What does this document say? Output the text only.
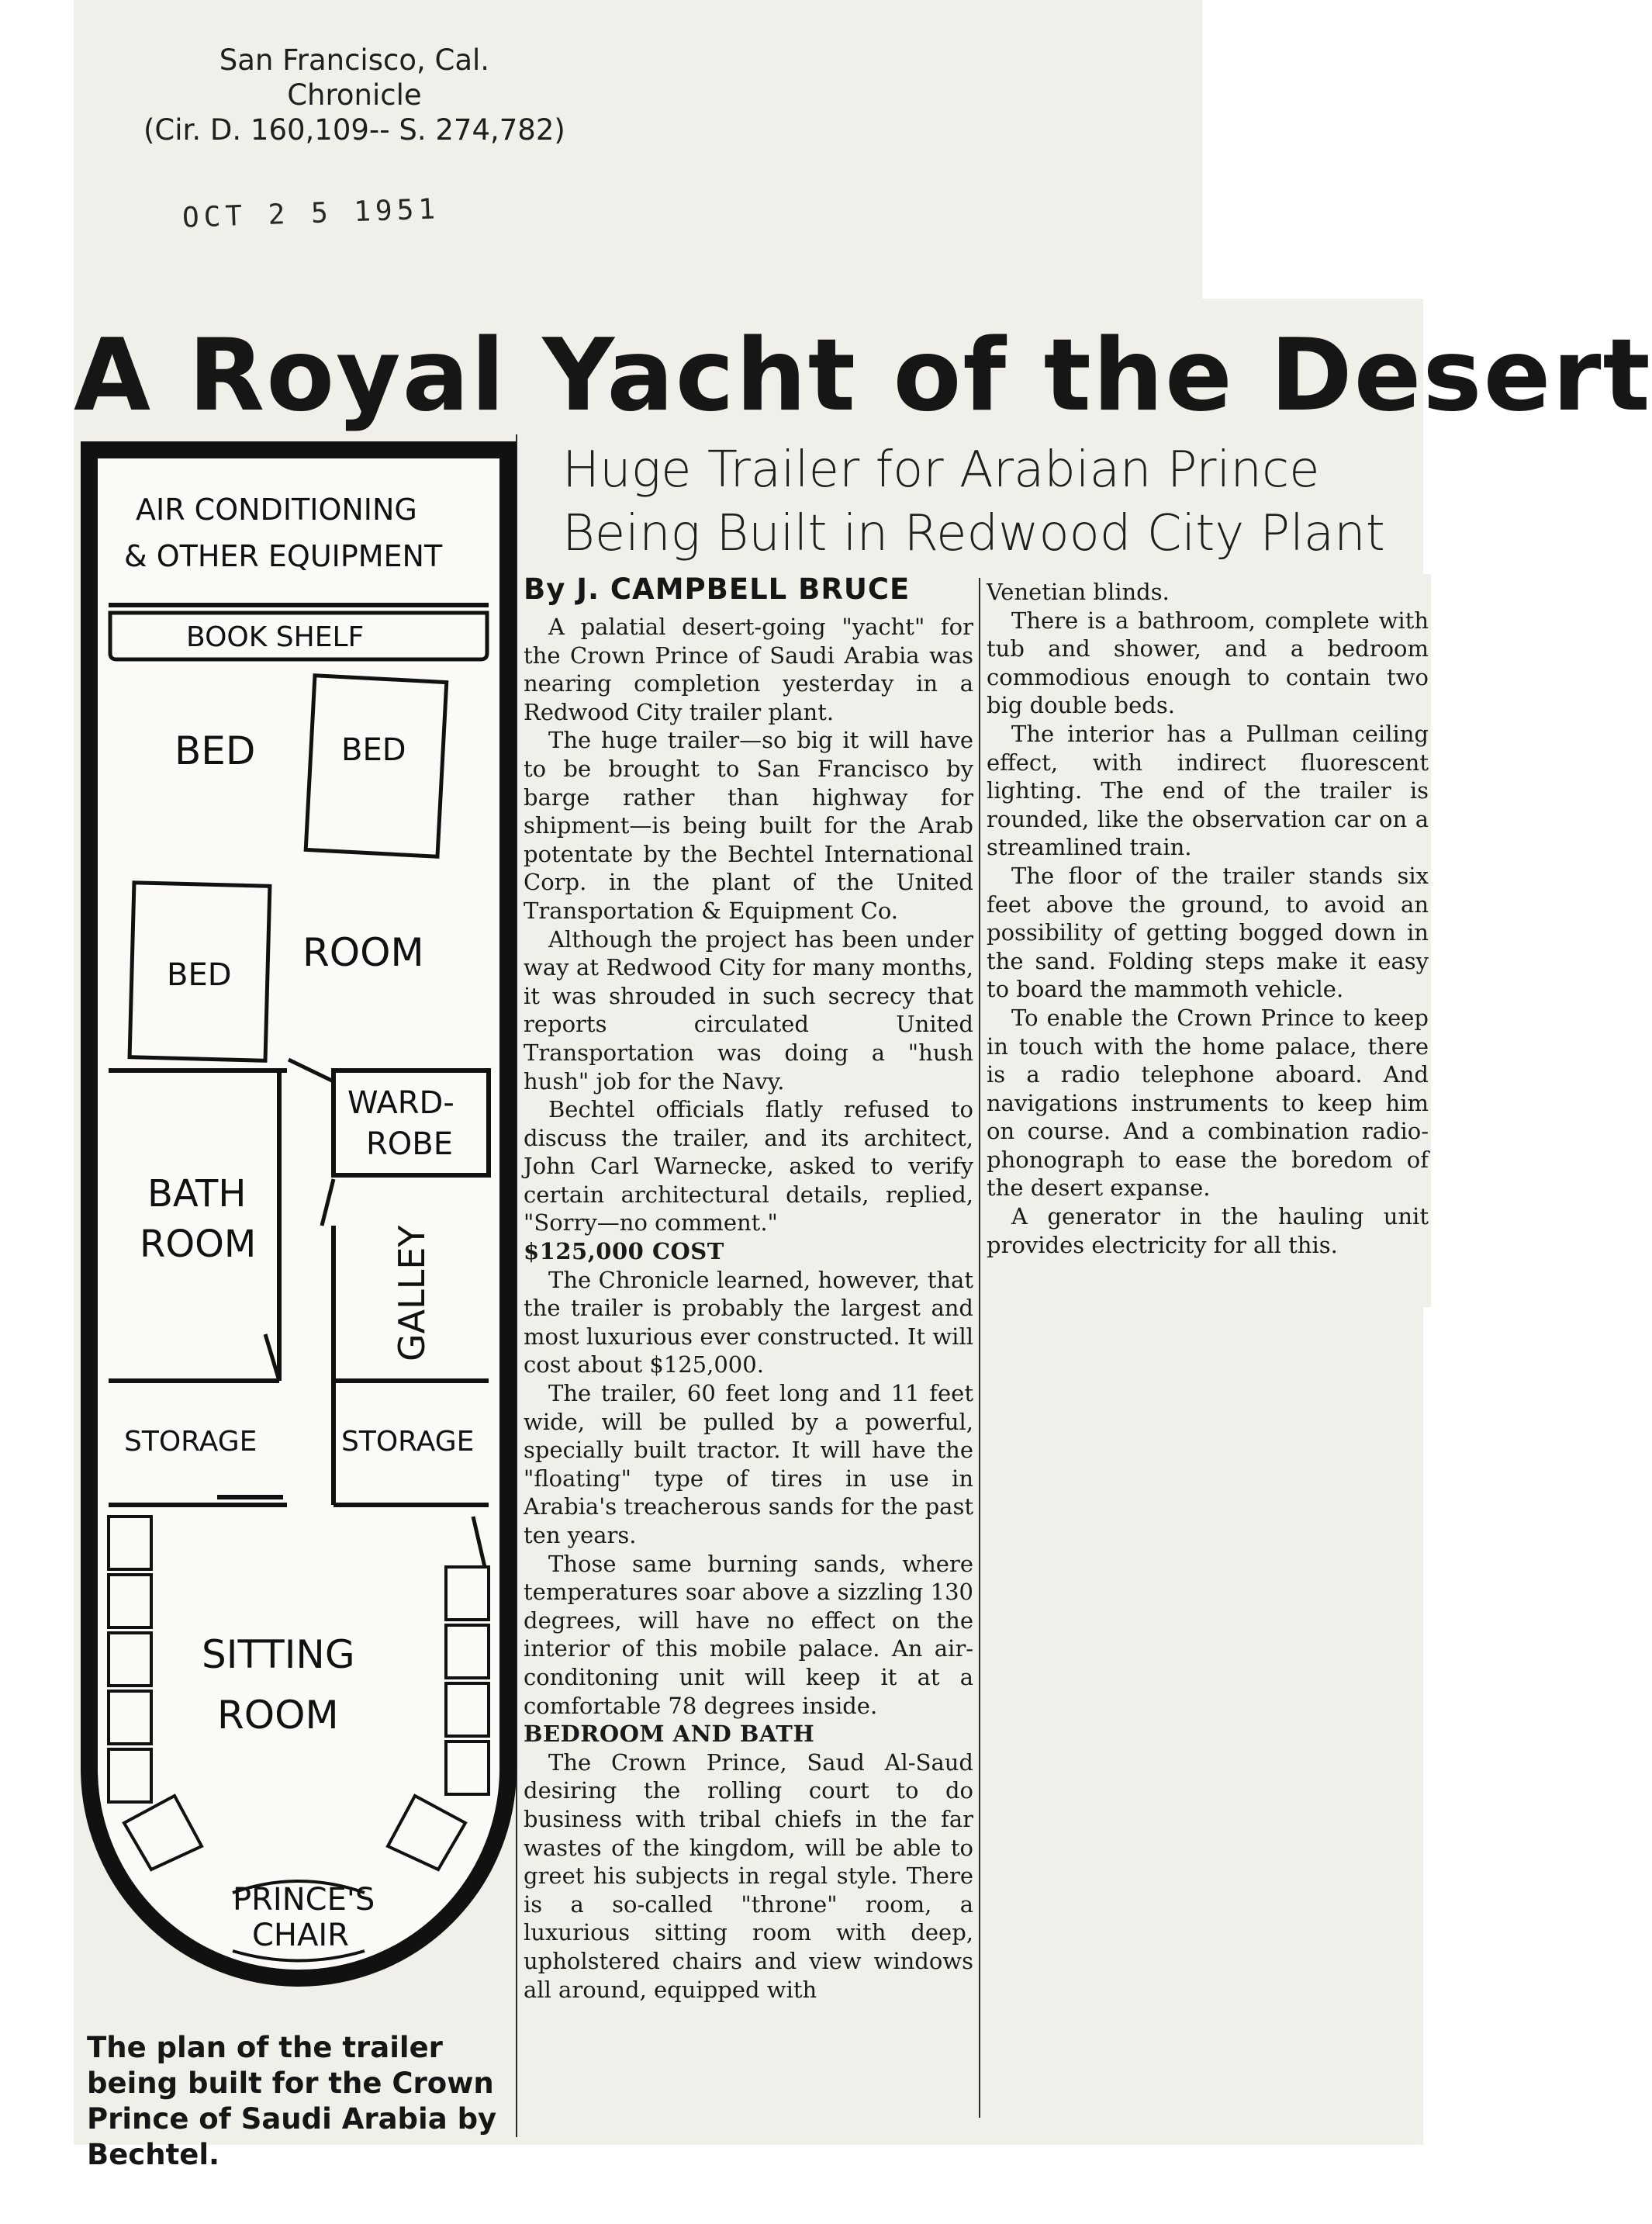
San Francisco, Cal.
Chronicle
(Cir. D. 160,109-- S. 274,782)
OCT 2 5 1951
A Royal Yacht of the Desert
Huge Trailer for Arabian Prince
Being Built in Redwood City Plant
By J. CAMPBELL BRUCE
AIR CONDITIONING
& OTHER EQUIPMENT
BOOK SHELF
BED	BED
BED ROOM
WARD-
ROBE
BATH
ROOM	GALLEY
STORAGE	STORAGE
SITTING
ROOM
PRINCE'S
CHAIR
The plan of the trailer being built for the Crown Prince of Saudi Arabia by Bechtel.

A palatial desert-going "yacht" for the Crown Prince of Saudi Arabia was nearing completion yesterday in a Redwood City trailer plant.

The huge trailer—so big it will have to be brought to San Francisco by barge rather than highway for shipment—is being built for the Arab potentate by the Bechtel International Corp. in the plant of the United Transportation & Equipment Co.

Although the project has been under way at Redwood City for many months, it was shrouded in such secrecy that reports circulated United Transportation was doing a "hush hush" job for the Navy.

Bechtel officials flatly refused to discuss the trailer, and its architect, John Carl Warnecke, asked to verify certain architectural details, replied, "Sorry—no comment."

$125,000 COST

The Chronicle learned, however, that the trailer is probably the largest and most luxurious ever constructed. It will cost about $125,000.

The trailer, 60 feet long and 11 feet wide, will be pulled by a powerful, specially built tractor. It will have the "floating" type of tires in use in Arabia's treacherous sands for the past ten years.

Those same burning sands, where temperatures soar above a sizzling 130 degrees, will have no effect on the interior of this mobile palace. An air-conditoning unit will keep it at a comfortable 78 degrees inside.

BEDROOM AND BATH

The Crown Prince, Saud Al-Saud desiring the rolling court to do business with tribal chiefs in the far wastes of the kingdom, will be able to greet his subjects in regal style. There is a so-called "throne" room, a luxurious sitting room with deep, upholstered chairs and view windows all around, equipped with

Venetian blinds.

There is a bathroom, complete with tub and shower, and a bedroom commodious enough to contain two big double beds.

The interior has a Pullman ceiling effect, with indirect fluorescent lighting. The end of the trailer is rounded, like the observation car on a streamlined train.

The floor of the trailer stands six feet above the ground, to avoid an possibility of getting bogged down in the sand. Folding steps make it easy to board the mammoth vehicle.

To enable the Crown Prince to keep in touch with the home palace, there is a radio telephone aboard. And navigations instruments to keep him on course. And a combination radio-phonograph to ease the boredom of the desert expanse.

A generator in the hauling unit provides electricity for all this.
